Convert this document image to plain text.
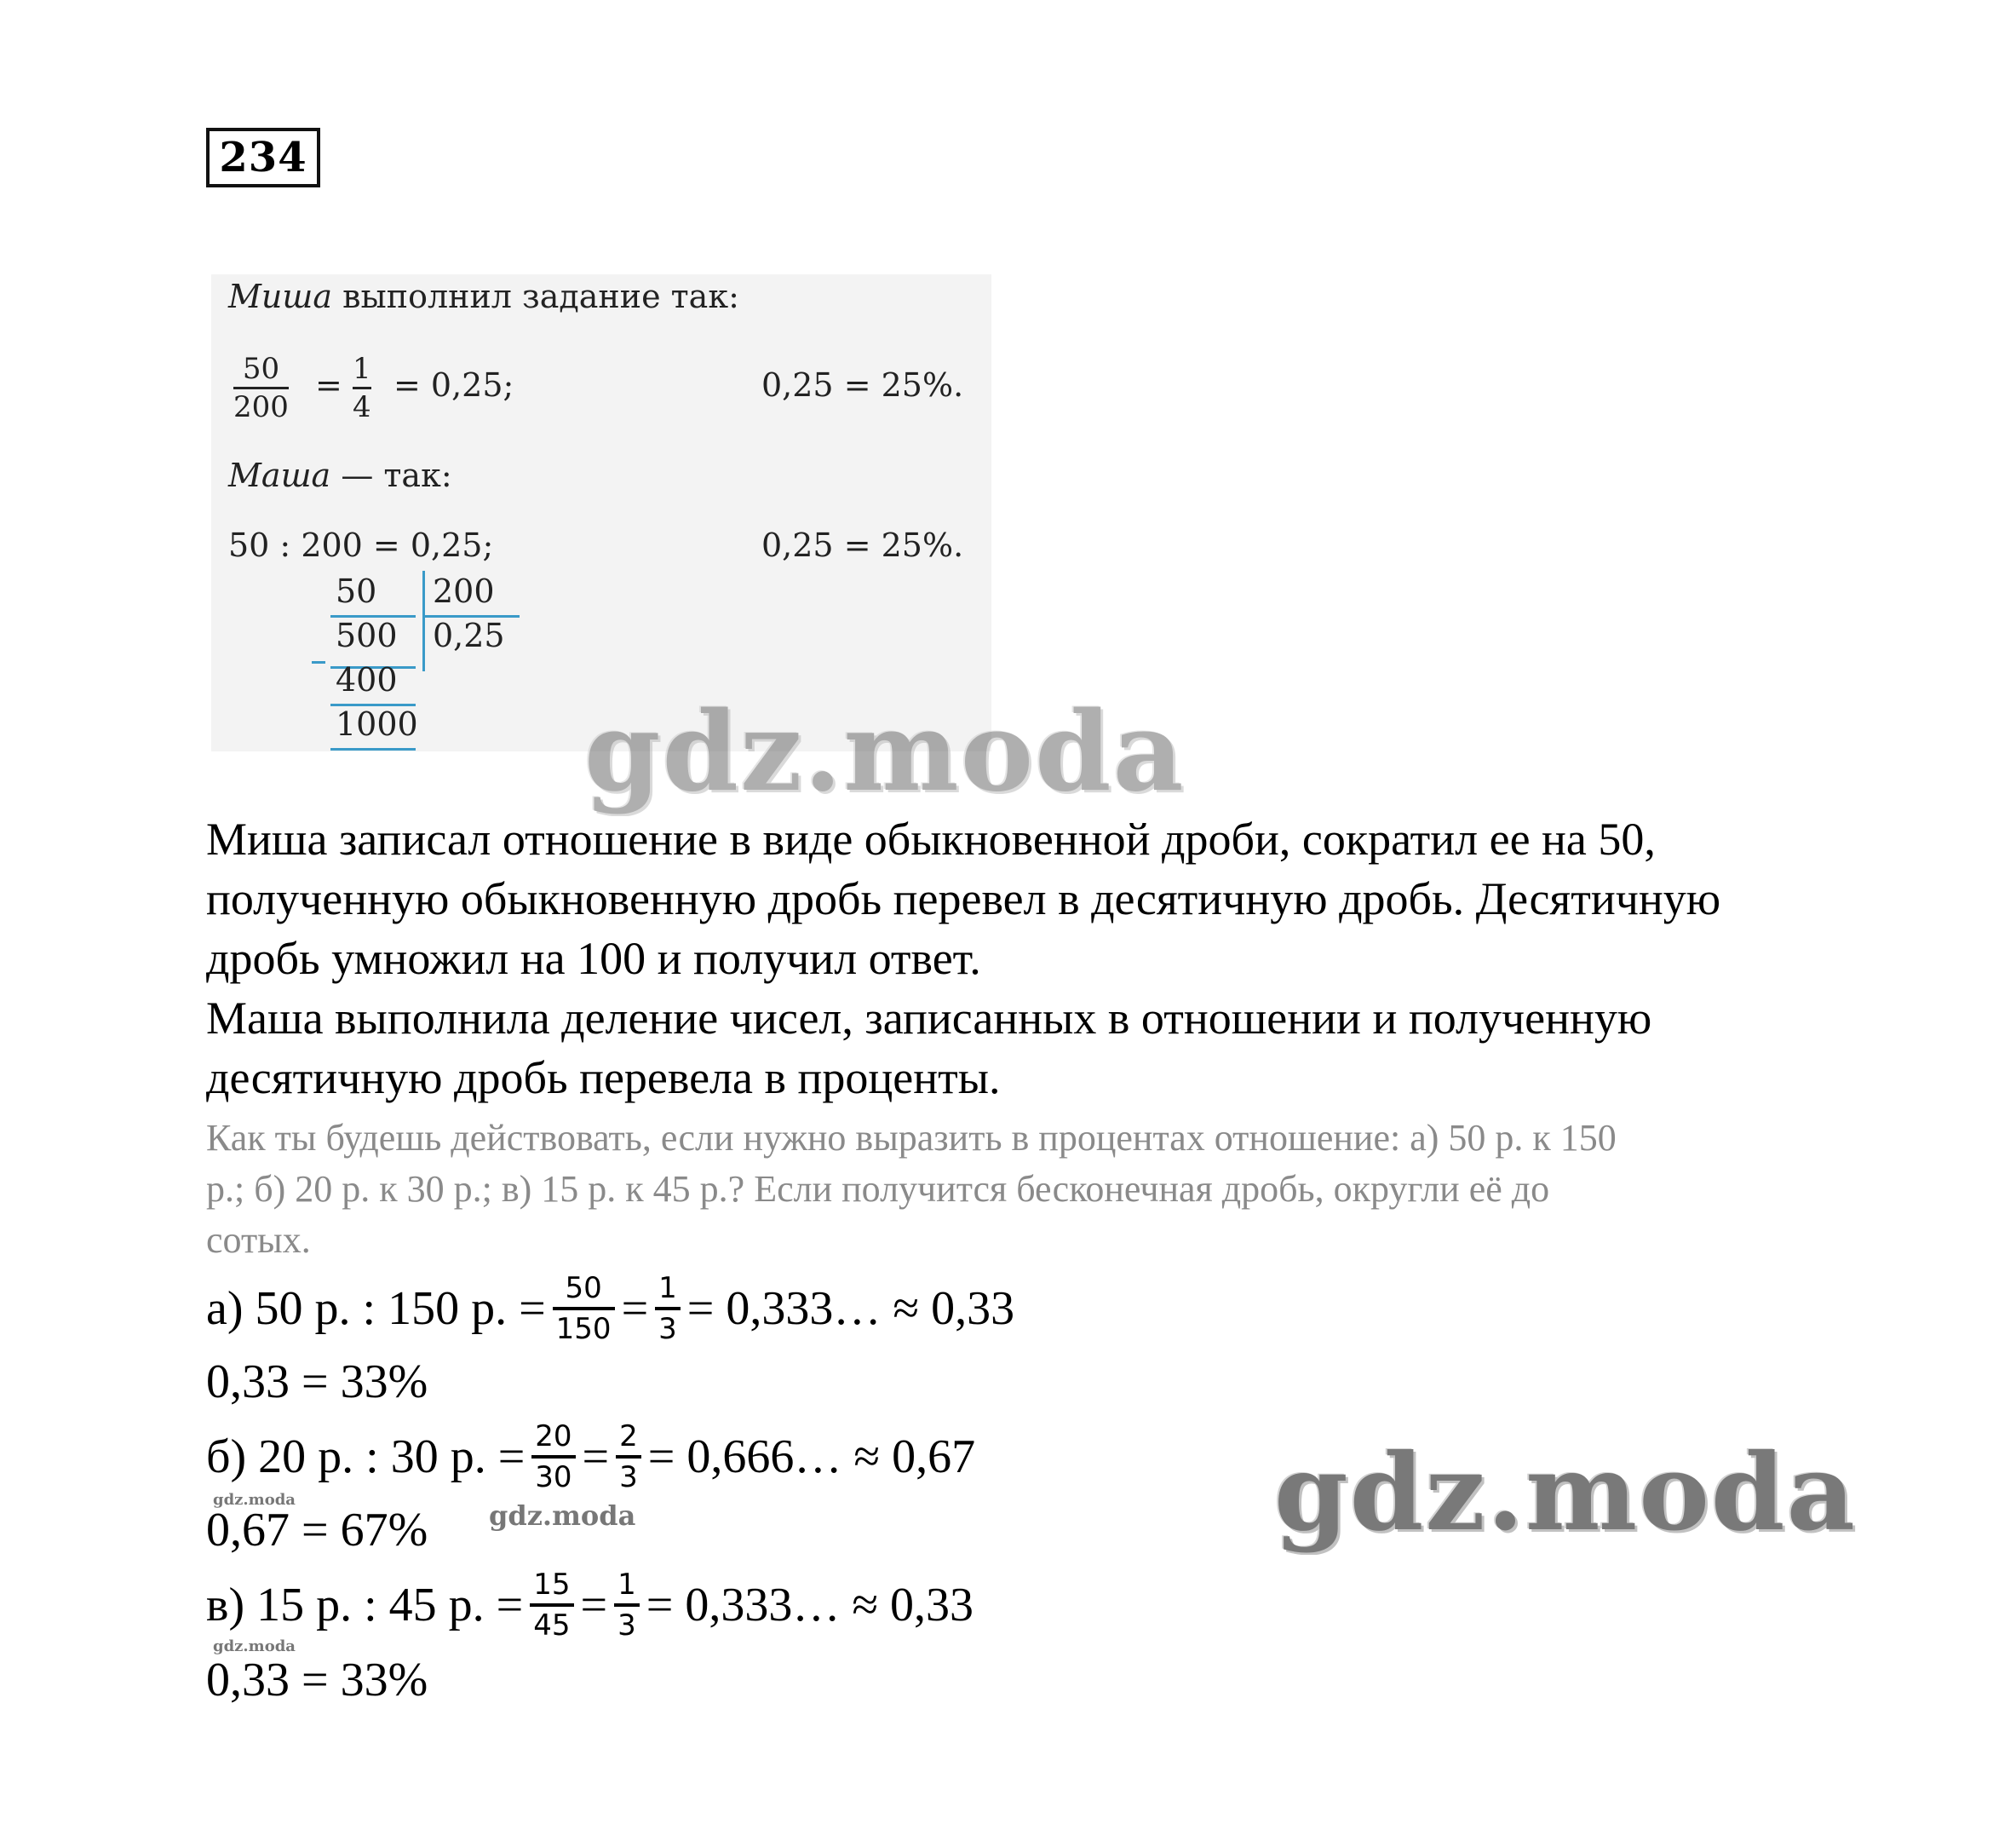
234
Миша выполнил задание так:
50
200
= 1
4
= 0,25;	0,25 = 25%.
Маша — так:
50 : 200 = 0,25;	0,25 = 25%.
50 200
500 0,25
400
1000
Миша записал отношение в виде обыкновенной дроби, сократил ее на 50,
полученную обыкновенную дробь перевел в десятичную дробь. Десятичную
дробь умножил на 100 и получил ответ.
Маша выполнила деление чисел, записанных в отношении и полученную
десятичную дробь перевела в проценты.
Как ты будешь действовать, если нужно выразить в процентах отношение: а) 50 р. к 150
р.; б) 20 р. к 30 р.; в) 15 р. к 45 р.? Если получится бесконечная дробь, округли её до
сотых.
а) 50 р. : 150 р. = $\frac{50}{150} = \frac{1}{3}$ = 0,333… ≈ 0,33
0,33 = 33%
б) 20 р. : 30 р. = $\frac{20}{30} = \frac{2}{3}$ = 0,666… ≈ 0,67
0,67 = 67%
в) 15 р. : 45 р. = $\frac{15}{45} = \frac{1}{3}$ = 0,333… ≈ 0,33
0,33 = 33%
gdz.moda
gdz.moda
gdz.moda
gdz.moda
gdz.moda
